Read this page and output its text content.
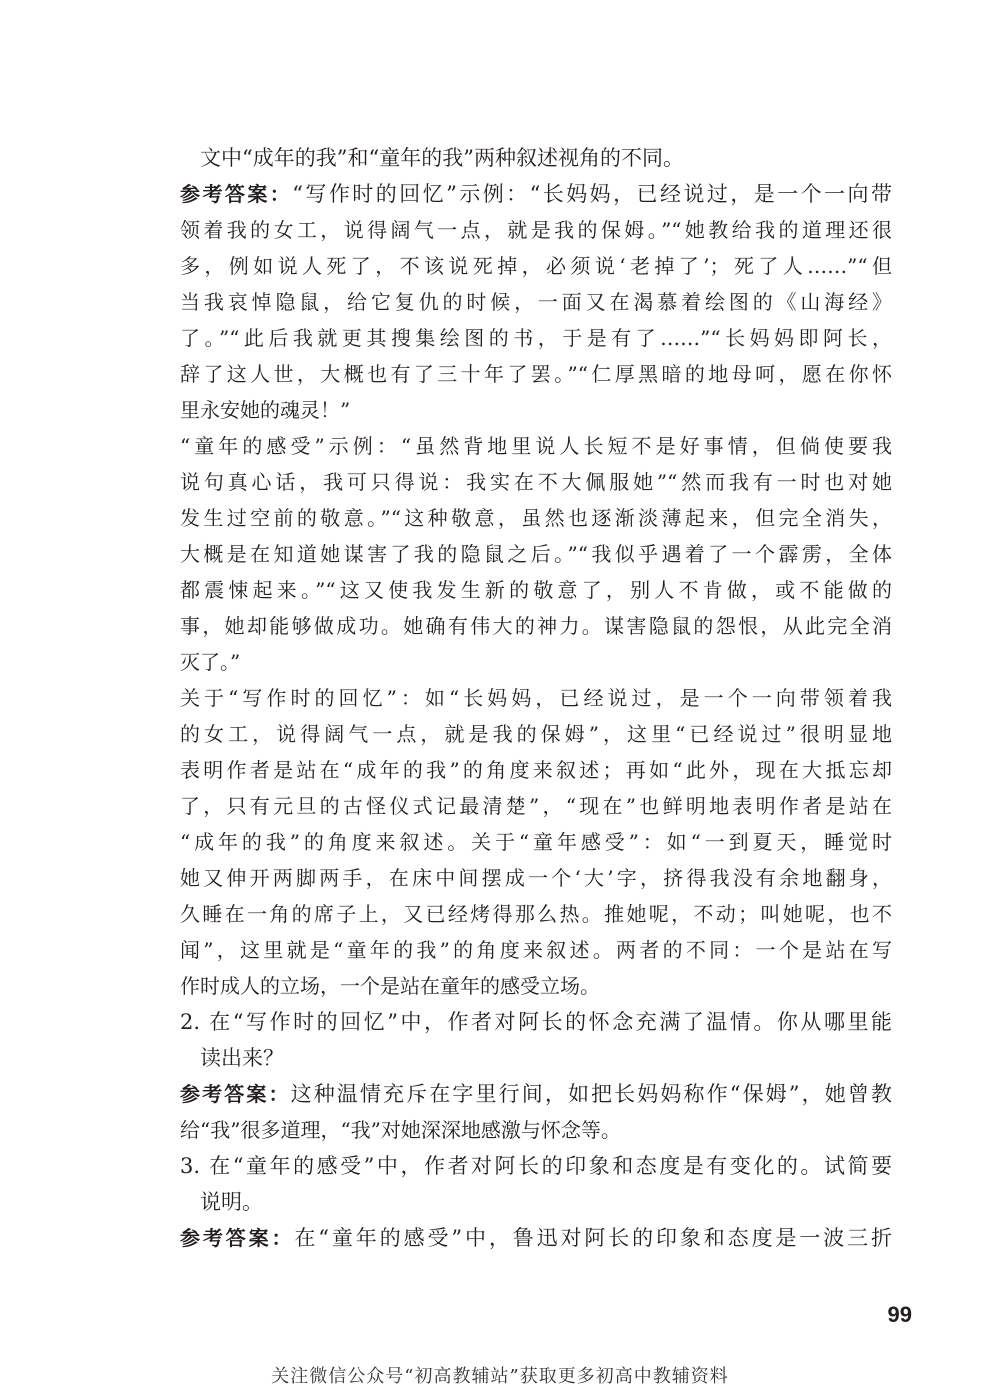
文中“成年的我”和“童年的我”两种叙述视角的不同。
参考答案：“写作时的回忆”示例：“长妈妈，已经说过，是一个一向带
领着我的女工，说得阔气一点，就是我的保姆。”“她教给我的道理还很
多，例如说人死了，不该说死掉，必须说‘老掉了’；死了人……”“但
当我哀悼隐鼠，给它复仇的时候，一面又在渴慕着绘图的《山海经》
了。”“此后我就更其搜集绘图的书，于是有了……”“长妈妈即阿长，
辞了这人世，大概也有了三十年了罢。”“仁厚黑暗的地母呵，愿在你怀
里永安她的魂灵！”
“童年的感受”示例：“虽然背地里说人长短不是好事情，但倘使要我
说句真心话，我可只得说：我实在不大佩服她”“然而我有一时也对她
发生过空前的敬意。”“这种敬意，虽然也逐渐淡薄起来，但完全消失，
大概是在知道她谋害了我的隐鼠之后。”“我似乎遇着了一个霹雳，全体
都震悚起来。”“这又使我发生新的敬意了，别人不肯做，或不能做的
事，她却能够做成功。她确有伟大的神力。谋害隐鼠的怨恨，从此完全消
灭了。”
关于“写作时的回忆”：如“长妈妈，已经说过，是一个一向带领着我
的女工，说得阔气一点，就是我的保姆”，这里“已经说过”很明显地
表明作者是站在“成年的我”的角度来叙述；再如“此外，现在大抵忘却
了，只有元旦的古怪仪式记最清楚”，“现在”也鲜明地表明作者是站在
“成年的我”的角度来叙述。关于“童年感受”：如“一到夏天，睡觉时
她又伸开两脚两手，在床中间摆成一个‘大’字，挤得我没有余地翻身，
久睡在一角的席子上，又已经烤得那么热。推她呢，不动；叫她呢，也不
闻”，这里就是“童年的我”的角度来叙述。两者的不同：一个是站在写
作时成人的立场，一个是站在童年的感受立场。
2. 在“写作时的回忆”中，作者对阿长的怀念充满了温情。你从哪里能
读出来？
参考答案：这种温情充斥在字里行间，如把长妈妈称作“保姆”，她曾教
给“我”很多道理，“我”对她深深地感激与怀念等。
3. 在“童年的感受”中，作者对阿长的印象和态度是有变化的。试简要
说明。
参考答案：在“童年的感受”中，鲁迅对阿长的印象和态度是一波三折
99
关注微信公众号“初高教辅站”获取更多初高中教辅资料
